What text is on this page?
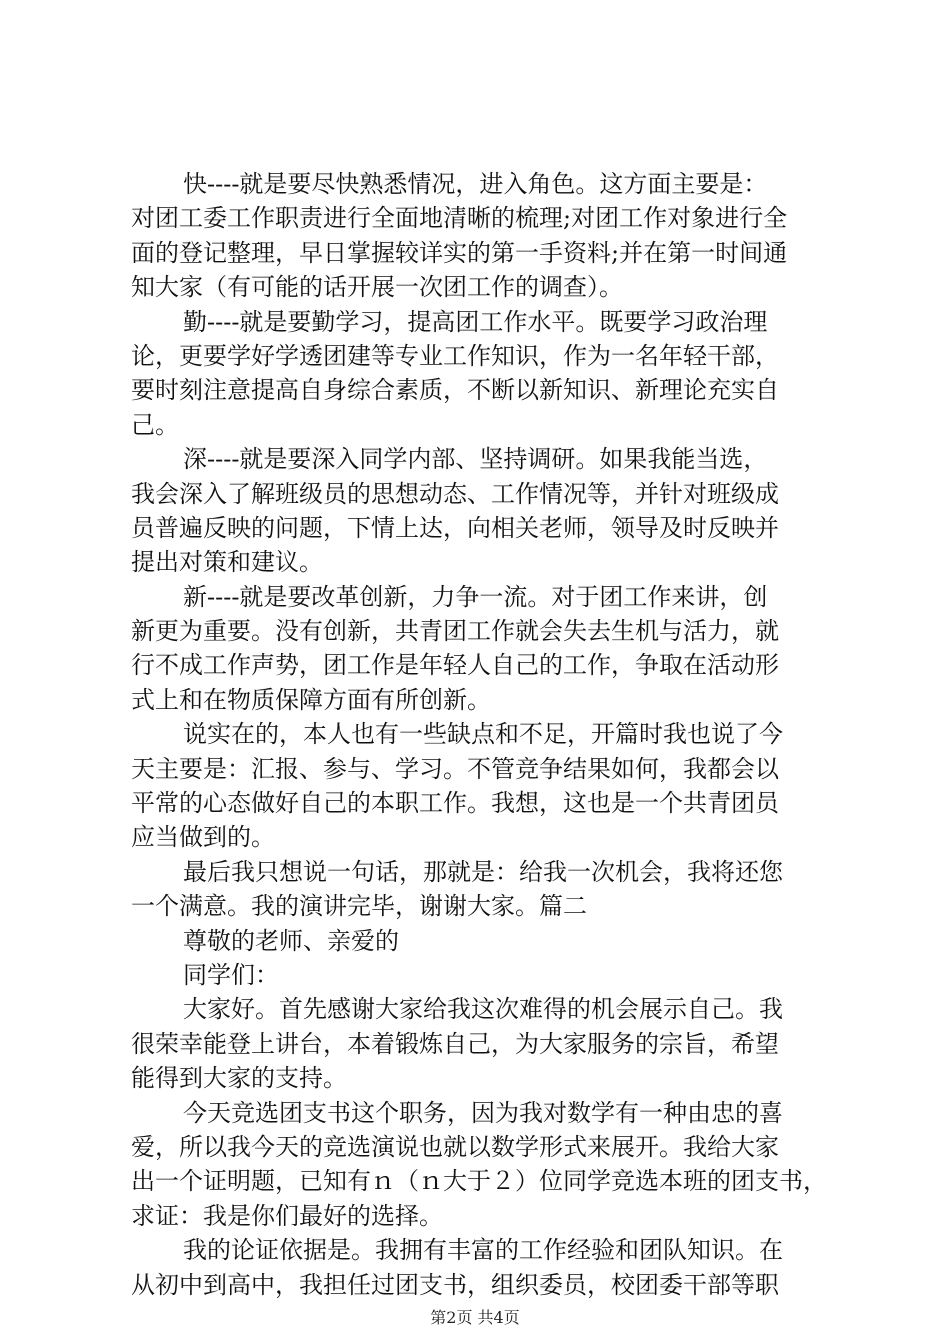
快----就是要尽快熟悉情况，进入角色。这方面主要是：
对团工委工作职责进行全面地清晰的梳理;对团工作对象进行全
面的登记整理，早日掌握较详实的第一手资料;并在第一时间通
知大家（有可能的话开展一次团工作的调查）。
勤----就是要勤学习，提高团工作水平。既要学习政治理
论，更要学好学透团建等专业工作知识，作为一名年轻干部，
要时刻注意提高自身综合素质，不断以新知识、新理论充实自
己。
深----就是要深入同学内部、坚持调研。如果我能当选，
我会深入了解班级员的思想动态、工作情况等，并针对班级成
员普遍反映的问题，下情上达，向相关老师，领导及时反映并
提出对策和建议。
新----就是要改革创新，力争一流。对于团工作来讲，创
新更为重要。没有创新，共青团工作就会失去生机与活力，就
行不成工作声势，团工作是年轻人自己的工作，争取在活动形
式上和在物质保障方面有所创新。
说实在的，本人也有一些缺点和不足，开篇时我也说了今
天主要是：汇报、参与、学习。不管竞争结果如何，我都会以
平常的心态做好自己的本职工作。我想，这也是一个共青团员
应当做到的。
最后我只想说一句话，那就是：给我一次机会，我将还您
一个满意。我的演讲完毕，谢谢大家。篇二
尊敬的老师、亲爱的
同学们：
大家好。首先感谢大家给我这次难得的机会展示自己。我
很荣幸能登上讲台，本着锻炼自己，为大家服务的宗旨，希望
能得到大家的支持。
今天竞选团支书这个职务，因为我对数学有一种由忠的喜
爱，所以我今天的竞选演说也就以数学形式来展开。我给大家
出一个证明题，已知有ｎ（ｎ大于２）位同学竞选本班的团支书，
求证：我是你们最好的选择。
我的论证依据是。我拥有丰富的工作经验和团队知识。在
从初中到高中，我担任过团支书，组织委员，校团委干部等职
第2页 共4页
